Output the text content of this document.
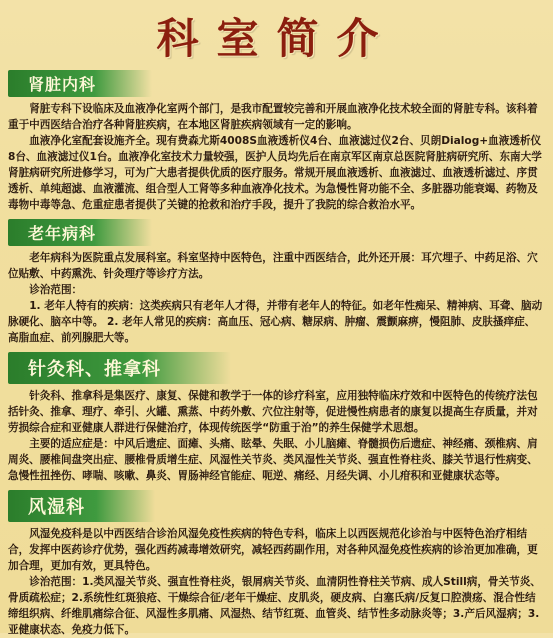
科室简介
肾脏内科

肾脏专科下设临床及血液净化室两个部门，是我市配置较完善和开展血液净化技术较全面的肾脏专科。该科着重于中西医结合治疗各种肾脏疾病，在本地区肾脏疾病领域有一定的影响。

血液净化室配套设施齐全。现有费森尤斯4008S血液透析仪4台、血液滤过仪2台、贝朗Dialog+血液透析仪8台、血液滤过仪1台。血液净化室技术力量较强，医护人员均先后在南京军区南京总医院肾脏病研究所、东南大学肾脏病研究所进修学习，可为广大患者提供优质的医疗服务。常规开展血液透析、血液滤过、血液透析滤过、序贯透析、单纯超滤、血液灌流、组合型人工肾等多种血液净化技术。为急慢性肾功能不全、多脏器功能衰竭、药物及毒物中毒等急、危重症患者提供了关键的抢救和治疗手段，提升了我院的综合救治水平。

老年病科

老年病科为医院重点发展科室。科室坚持中医特色，注重中西医结合，此外还开展：耳穴埋子、中药足浴、穴位贴敷、中药熏洗、针灸理疗等诊疗方法。

诊治范围：

1. 老年人特有的疾病：这类疾病只有老年人才得，并带有老年人的特征。如老年性痴呆、精神病、耳聋、脑动脉硬化、脑卒中等。 2. 老年人常见的疾病：高血压、冠心病、糖尿病、肿瘤、震颤麻痹，慢阻肺、皮肤搔痒症、高脂血症、前列腺肥大等。

针灸科、推拿科

针灸科、推拿科是集医疗、康复、保健和教学于一体的诊疗科室，应用独特临床疗效和中医特色的传统疗法包括针灸、推拿、理疗、牵引、火罐、熏蒸、中药外敷、穴位注射等，促进慢性病患者的康复以提高生存质量，并对劳损综合症和亚健康人群进行保健治疗，体现传统医学“防重于治”的养生保健学术思想。

主要的适应症是：中风后遗症、面瘫、头痛、眩晕、失眠、小儿脑瘫、脊髓损伤后遗症、神经痛、颈椎病、肩周炎、腰椎间盘突出症、腰椎骨质增生症、风湿性关节炎、类风湿性关节炎、强直性脊柱炎、膝关节退行性病变、急慢性扭挫伤、哮喘、咳嗽、鼻炎、胃肠神经官能症、呃逆、痛经、月经失调、小儿疳积和亚健康状态等。

风湿科

风湿免疫科是以中西医结合诊治风湿免疫性疾病的特色专科，临床上以西医规范化诊治与中医特色治疗相结合，发挥中医药诊疗优势，强化西药减毒增效研究，减轻西药副作用，对各种风湿免疫性疾病的诊治更加准确，更加合理，更加有效，更具特色。

诊治范围：1.类风湿关节炎、强直性脊柱炎，银屑病关节炎、血清阴性脊柱关节病、成人Still病，骨关节炎、骨质疏松症；2.系统性红斑狼疮、干燥综合征/老年干燥症、皮肌炎，硬皮病、白塞氏病/反复口腔溃疡、混合性结缔组织病、纤维肌痛综合征、风湿性多肌痛、风湿热、结节红斑、血管炎、结节性多动脉炎等；3.产后风湿病；3.亚健康状态、免疫力低下。
